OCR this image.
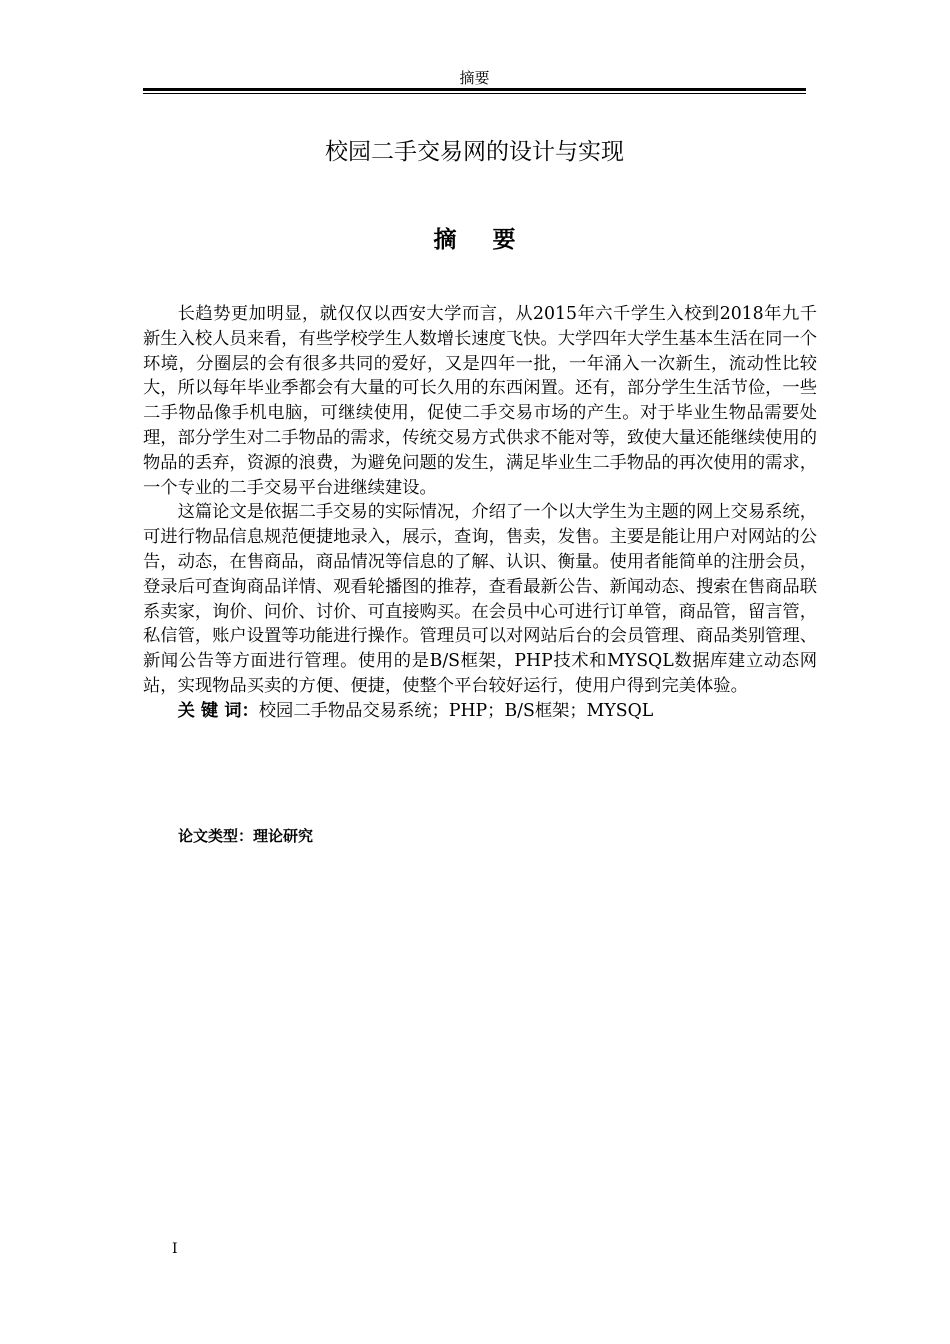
摘要
校园二手交易网的设计与实现
摘 要

长趋势更加明显，就仅仅以西安大学而言，从2015年六千学生入校到2018年九千新生入校人员来看，有些学校学生人数增长速度飞快。大学四年大学生基本生活在同一个环境，分圈层的会有很多共同的爱好，又是四年一批，一年涌入一次新生，流动性比较大，所以每年毕业季都会有大量的可长久用的东西闲置。还有，部分学生生活节俭，一些二手物品像手机电脑，可继续使用，促使二手交易市场的产生。对于毕业生物品需要处理，部分学生对二手物品的需求，传统交易方式供求不能对等，致使大量还能继续使用的物品的丢弃，资源的浪费，为避免问题的发生，满足毕业生二手物品的再次使用的需求，一个专业的二手交易平台进继续建设。

这篇论文是依据二手交易的实际情况，介绍了一个以大学生为主题的网上交易系统，可进行物品信息规范便捷地录入，展示，查询，售卖，发售。主要是能让用户对网站的公告，动态，在售商品，商品情况等信息的了解、认识、衡量。使用者能简单的注册会员，登录后可查询商品详情、观看轮播图的推荐，查看最新公告、新闻动态、搜索在售商品联系卖家，询价、问价、讨价、可直接购买。在会员中心可进行订单管，商品管，留言管，私信管，账户设置等功能进行操作。管理员可以对网站后台的会员管理、商品类别管理、新闻公告等方面进行管理。使用的是B/S框架，PHP技术和MYSQL数据库建立动态网站，实现物品买卖的方便、便捷，使整个平台较好运行，使用户得到完美体验。

关 键 词：校园二手物品交易系统；PHP；B/S框架；MYSQL

论文类型：理论研究
I
